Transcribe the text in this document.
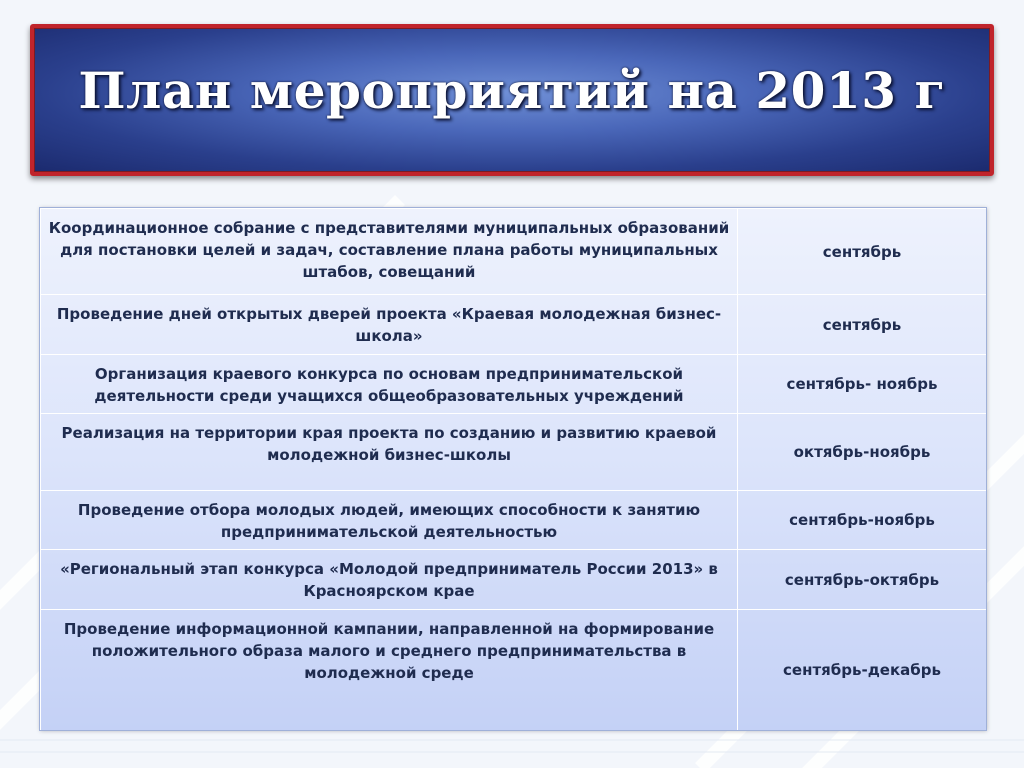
План мероприятий на 2013 г
Координационное собрание с представителями муниципальных образований для постановки целей и задач, составление плана работы муниципальных штабов, совещаний	сентябрь
Проведение дней открытых дверей проекта «Краевая молодежная бизнес-школа»	сентябрь
Организация краевого конкурса по основам предпринимательской деятельности среди учащихся общеобразовательных учреждений	сентябрь- ноябрь
Реализация на территории края проекта по созданию и развитию краевой молодежной бизнес-школы	октябрь-ноябрь
Проведение отбора молодых людей, имеющих способности к занятию предпринимательской деятельностью	сентябрь-ноябрь
«Региональный этап конкурса «Молодой предприниматель России 2013» в Красноярском крае	сентябрь-октябрь
Проведение информационной кампании, направленной на формирование положительного образа малого и среднего предпринимательства в молодежной среде	сентябрь-декабрь
